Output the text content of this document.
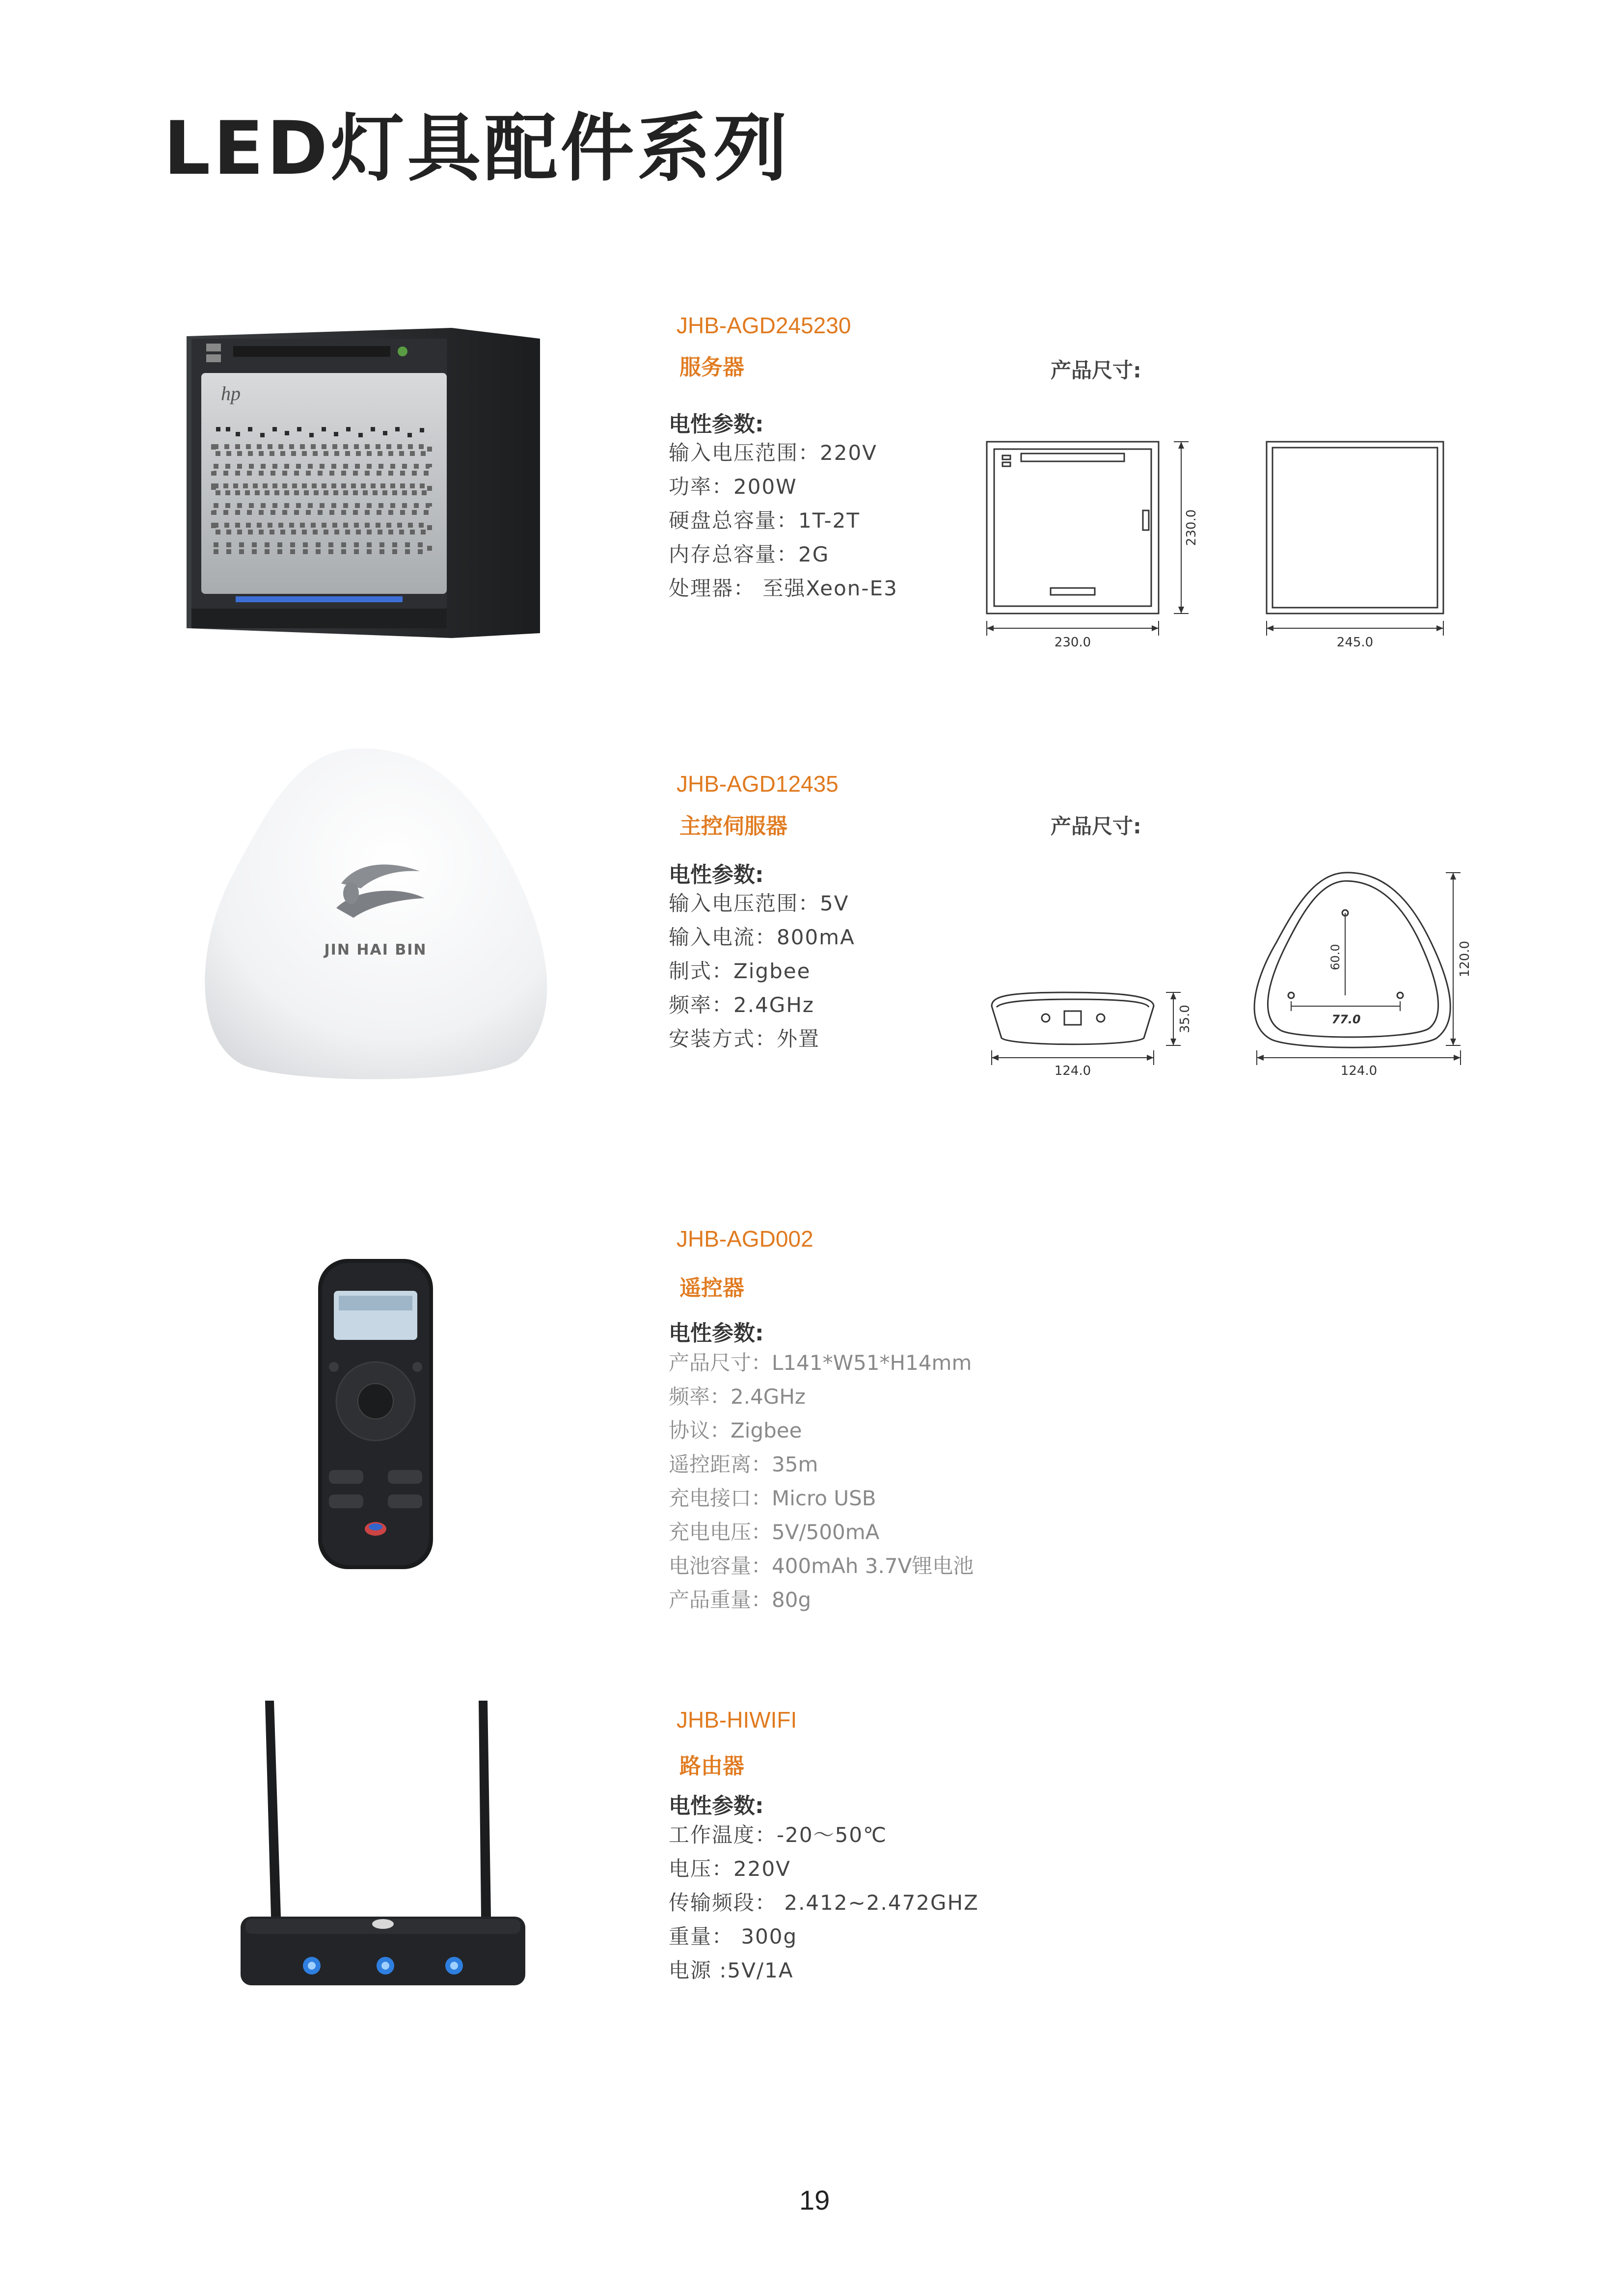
LED灯具配件系列
hp
JHB-AGD245230
服务器	产品尺寸:
电性参数:
输入电压范围：220V
功率：200W
硬盘总容量：1T-2T
内存总容量：2G
处理器： 至强Xeon-E3
230.0
230.0
245.0
JIN HAI BIN
JHB-AGD12435
主控伺服器	产品尺寸:
电性参数:
输入电压范围：5V
输入电流：800mA
制式：Zigbee
频率：2.4GHz
安装方式：外置
124.0
35.0
124.0
120.0
60.0
77.0
JHB-AGD002
遥控器
电性参数:
产品尺寸：L141*W51*H14mm
频率：2.4GHz
协议：Zigbee
遥控距离：35m
充电接口：Micro USB
充电电压：5V/500mA
电池容量：400mAh 3.7V锂电池
产品重量：80g
JHB-HIWIFI
路由器
电性参数:
工作温度：-20～50℃
电压：220V
传输频段： 2.412~2.472GHZ
重量： 300g
电源 :5V/1A
19
